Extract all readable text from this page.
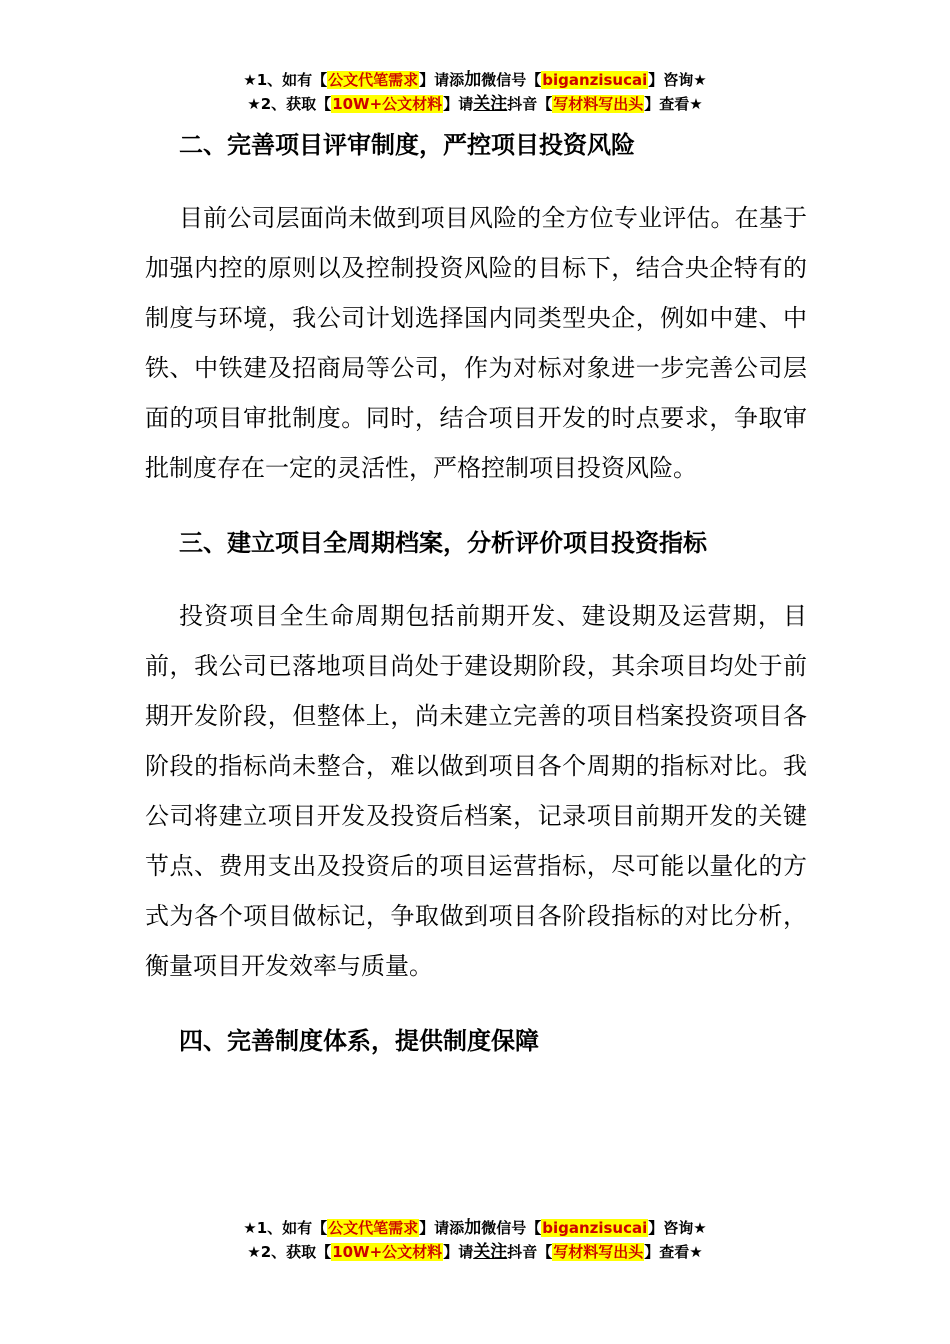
★1、如有【公文代笔需求】请添加微信号【biganzisucai】咨询★
★2、获取【10W+公文材料】请关注抖音【写材料写出头】查看★
二、完善项目评审制度，严控项目投资风险

目前公司层面尚未做到项目风险的全方位专业评估。在基于加强内控的原则以及控制投资风险的目标下，结合央企特有的制度与环境，我公司计划选择国内同类型央企，例如中建、中铁、中铁建及招商局等公司，作为对标对象进一步完善公司层面的项目审批制度。同时，结合项目开发的时点要求，争取审批制度存在一定的灵活性，严格控制项目投资风险。

三、建立项目全周期档案，分析评价项目投资指标

投资项目全生命周期包括前期开发、建设期及运营期，目前，我公司已落地项目尚处于建设期阶段，其余项目均处于前期开发阶段，但整体上，尚未建立完善的项目档案投资项目各阶段的指标尚未整合，难以做到项目各个周期的指标对比。我公司将建立项目开发及投资后档案，记录项目前期开发的关键节点、费用支出及投资后的项目运营指标，尽可能以量化的方式为各个项目做标记，争取做到项目各阶段指标的对比分析，衡量项目开发效率与质量。

四、完善制度体系，提供制度保障
★1、如有【公文代笔需求】请添加微信号【biganzisucai】咨询★
★2、获取【10W+公文材料】请关注抖音【写材料写出头】查看★
